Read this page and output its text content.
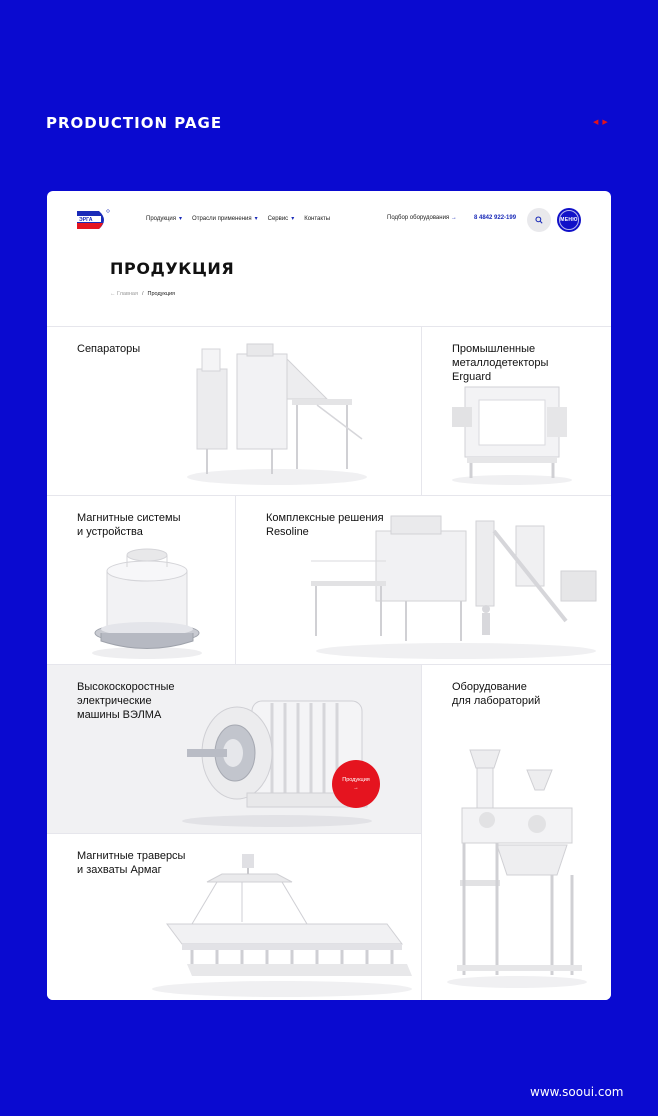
PRODUCTION PAGE	◀ ▶
ЭРГА	Продукция ▾ Отрасли применения ▾ Сервис ▾ Контакты	Подбор оборудования →	8 4842 922-199	МЕНЮ
ПРОДУКЦИЯ
← Главная / Продукция
Сепараторы	Промышленные
металлодетекторы
Erguard
Магнитные системы
и устройства
Комплексные решения
Resoline
Высокоскоростные
электрические
машины ВЭЛМА
Продукция
→
Оборудование
для лабораторий
Магнитные траверсы
и захваты Армаг
www.sooui.com
